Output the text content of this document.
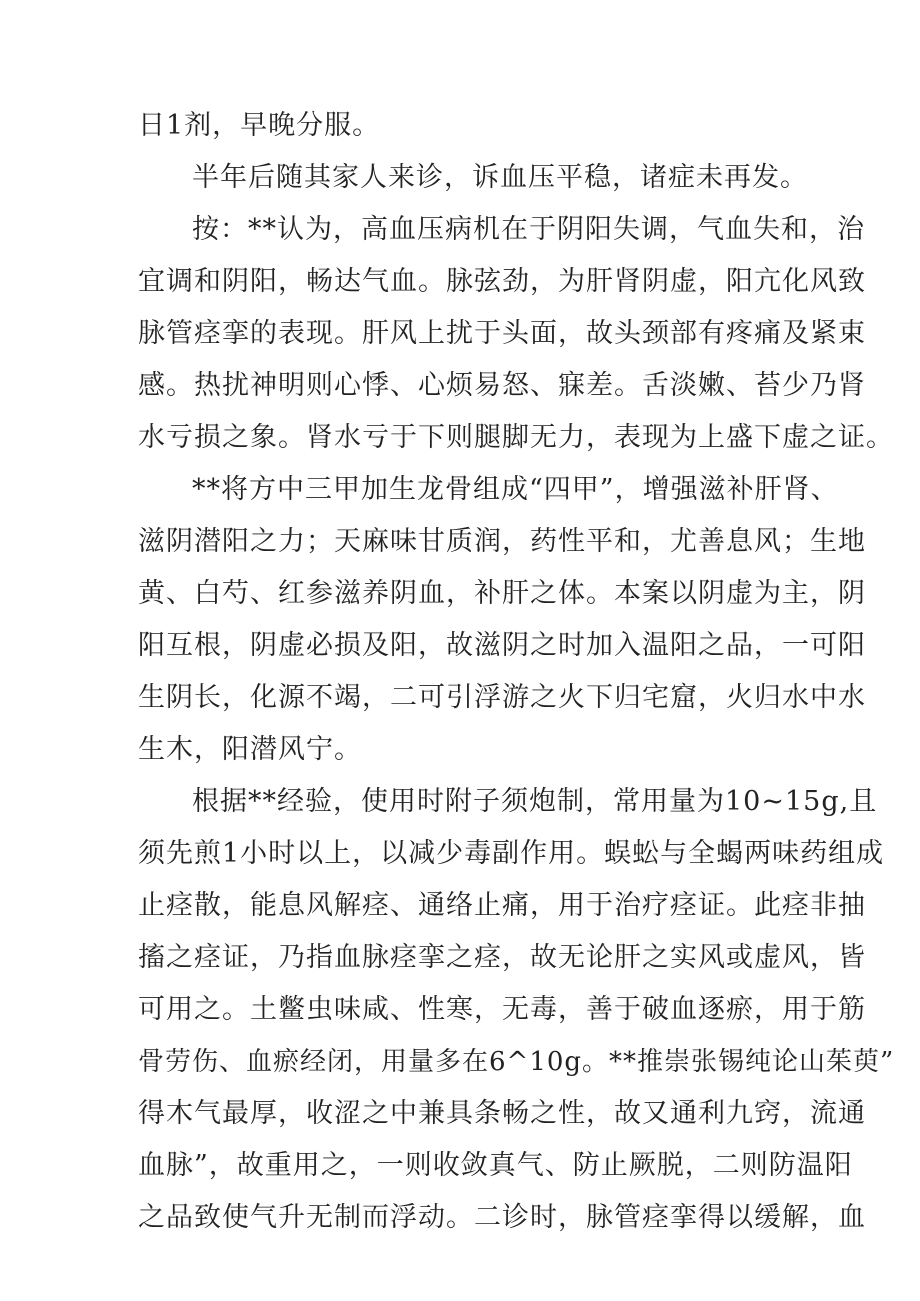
日1剂，早晚分服。
半年后随其家人来诊，诉血压平稳，诸症未再发。
按：**认为，高血压病机在于阴阳失调，气血失和，治
宜调和阴阳，畅达气血。脉弦劲，为肝肾阴虚，阳亢化风致
脉管痉挛的表现。肝风上扰于头面，故头颈部有疼痛及紧束
感。热扰神明则心悸、心烦易怒、寐差。舌淡嫩、苔少乃肾
水亏损之象。肾水亏于下则腿脚无力，表现为上盛下虚之证。
**将方中三甲加生龙骨组成“四甲”，增强滋补肝肾、
滋阴潜阳之力；天麻味甘质润，药性平和，尤善息风；生地
黄、白芍、红参滋养阴血，补肝之体。本案以阴虚为主，阴
阳互根，阴虚必损及阳，故滋阴之时加入温阳之品，一可阳
生阴长，化源不竭，二可引浮游之火下归宅窟，火归水中水
生木，阳潜风宁。
根据**经验，使用时附子须炮制，常用量为10~15g,且
须先煎1小时以上，以减少毒副作用。蜈蚣与全蝎两味药组成
止痉散，能息风解痉、通络止痛，用于治疗痉证。此痉非抽
搐之痉证，乃指血脉痉挛之痉，故无论肝之实风或虚风，皆
可用之。土鳖虫味咸、性寒，无毒，善于破血逐瘀，用于筋
骨劳伤、血瘀经闭，用量多在6^10g。**推崇张锡纯论山茱萸”
得木气最厚，收涩之中兼具条畅之性，故又通利九窍，流通
血脉”，故重用之，一则收敛真气、防止厥脱，二则防温阳
之品致使气升无制而浮动。二诊时，脉管痉挛得以缓解，血
